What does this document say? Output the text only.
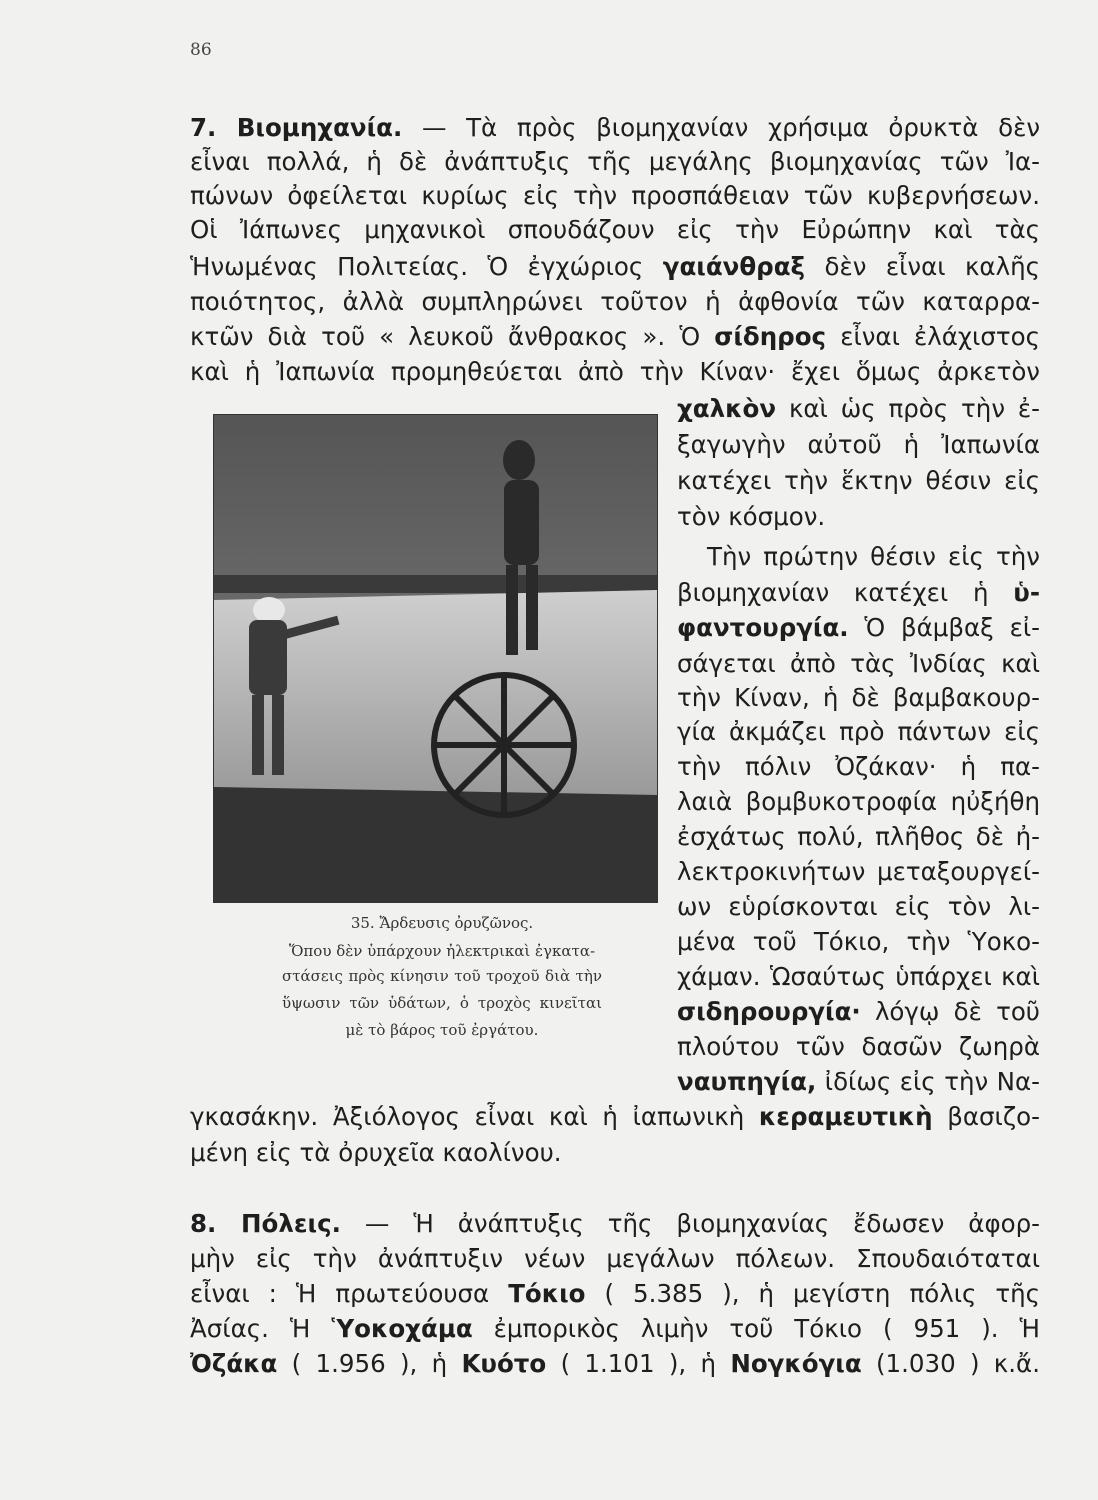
86

7. Βιομηχανία. — Τὰ πρὸς βιομηχανίαν χρήσιμα ὀρυκτὰ δὲν

εἶναι πολλά, ἡ δὲ ἀνάπτυξις τῆς μεγάλης βιομηχανίας τῶν Ἰα-

πώνων ὀφείλεται κυρίως εἰς τὴν προσπάθειαν τῶν κυβερνήσεων.

Οἱ Ἰάπωνες μηχανικοὶ σπουδάζουν εἰς τὴν Εὐρώπην καὶ τὰς

Ἡνωμένας Πολιτείας. Ὁ ἐγχώριος γαιάνθραξ δὲν εἶναι καλῆς

ποιότητος, ἀλλὰ συμπληρώνει τοῦτον ἡ ἀφθονία τῶν καταρρα-

κτῶν διὰ τοῦ « λευκοῦ ἄνθρακος ». Ὁ σίδηρος εἶναι ἐλάχιστος

καὶ ἡ Ἰαπωνία προμηθεύεται ἀπὸ τὴν Κίναν· ἔχει ὅμως ἀρκετὸν

χαλκὸν καὶ ὡς πρὸς τὴν ἐ-

ξαγωγὴν αὐτοῦ ἡ Ἰαπωνία

κατέχει τὴν ἕκτην θέσιν εἰς

τὸν κόσμον.

Τὴν πρώτην θέσιν εἰς τὴν

βιομηχανίαν κατέχει ἡ ὑ-

φαντουργία. Ὁ βάμβαξ εἰ-

σάγεται ἀπὸ τὰς Ἰνδίας καὶ

τὴν Κίναν, ἡ δὲ βαμβακουρ-

γία ἀκμάζει πρὸ πάντων εἰς

τὴν πόλιν Ὀζάκαν· ἡ πα-

λαιὰ βομβυκοτροφία ηὐξήθη

ἐσχάτως πολύ, πλῆθος δὲ ἠ-

λεκτροκινήτων μεταξουργεί-

ων εὑρίσκονται εἰς τὸν λι-

μένα τοῦ Τόκιο, τὴν Ὑοκο-

χάμαν. Ὡσαύτως ὑπάρχει καὶ

σιδηρουργία· λόγῳ δὲ τοῦ

πλούτου τῶν δασῶν ζωηρὰ

ναυπηγία, ἰδίως εἰς τὴν Να-

γκασάκην. Ἀξιόλογος εἶναι καὶ ἡ ἰαπωνικὴ κεραμευτικὴ βασιζο-

μένη εἰς τὰ ὀρυχεῖα καολίνου.

35. Ἄρδευσις ὀρυζῶνος.

Ὅπου δὲν ὑπάρχουν ἠλεκτρικαὶ ἐγκατα-

στάσεις πρὸς κίνησιν τοῦ τροχοῦ διὰ τὴν

ὕψωσιν τῶν ὑδάτων, ὁ τροχὸς κινεῖται

μὲ τὸ βάρος τοῦ ἐργάτου.

8. Πόλεις. — Ἡ ἀνάπτυξις τῆς βιομηχανίας ἔδωσεν ἀφορ-

μὴν εἰς τὴν ἀνάπτυξιν νέων μεγάλων πόλεων. Σπουδαιόταται

εἶναι : Ἡ πρωτεύουσα Τόκιο ( 5.385 ), ἡ μεγίστη πόλις τῆς

Ἀσίας. Ἡ Ὑοκοχάμα ἐμπορικὸς λιμὴν τοῦ Τόκιο ( 951 ). Ἡ

Ὀζάκα ( 1.956 ), ἡ Κυότο ( 1.101 ), ἡ Νογκόγια (1.030 ) κ.ἄ.
